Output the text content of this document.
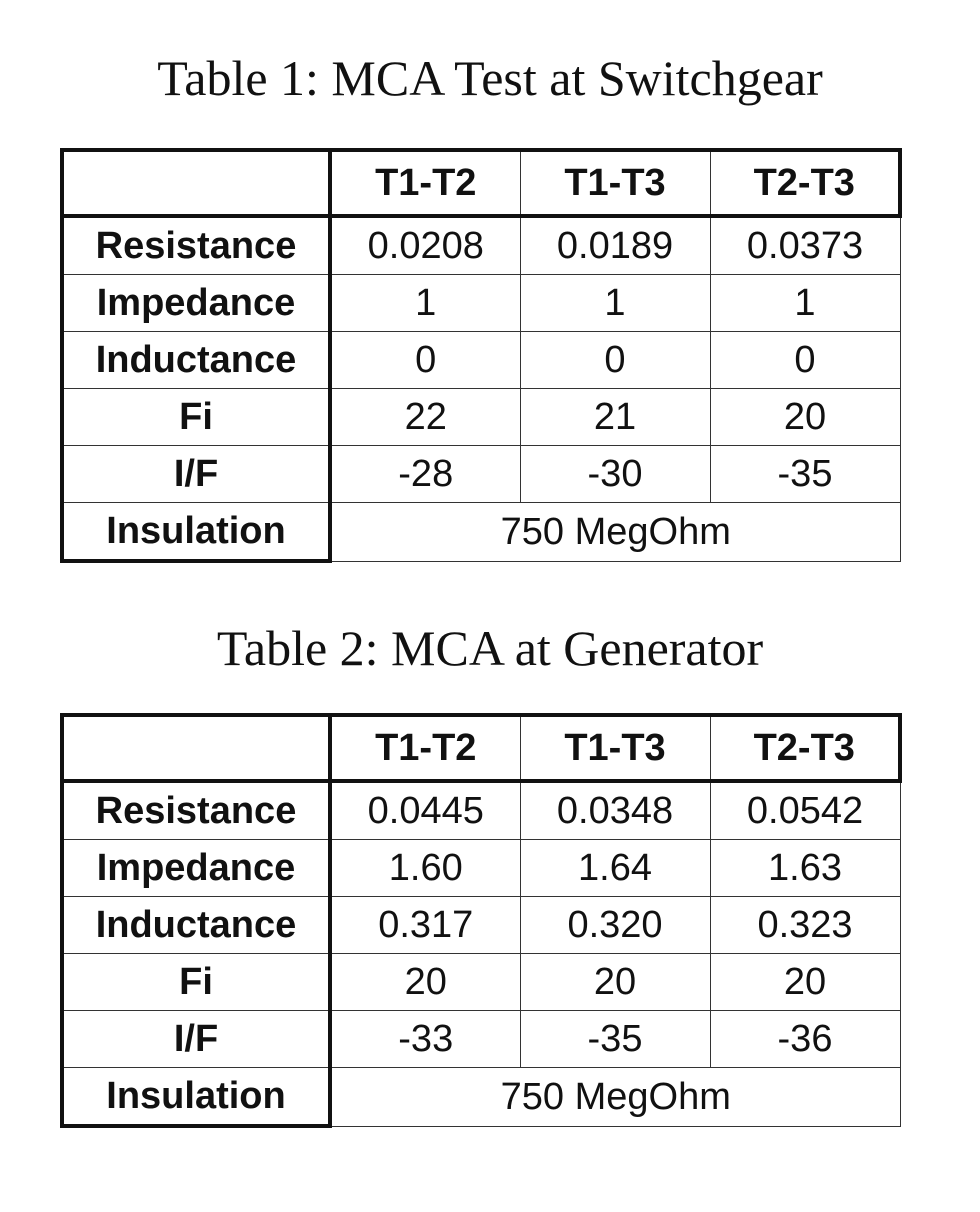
Table 1: MCA Test at Switchgear
	T1-T2	T1-T3	T2-T3
Resistance	0.0208	0.0189	0.0373
Impedance	1	1	1
Inductance	0	0	0
Fi	22	21	20
I/F	-28	-30	-35
Insulation	750 MegOhm		
Table 2: MCA at Generator
	T1-T2	T1-T3	T2-T3
Resistance	0.0445	0.0348	0.0542
Impedance	1.60	1.64	1.63
Inductance	0.317	0.320	0.323
Fi	20	20	20
I/F	-33	-35	-36
Insulation	750 MegOhm		
